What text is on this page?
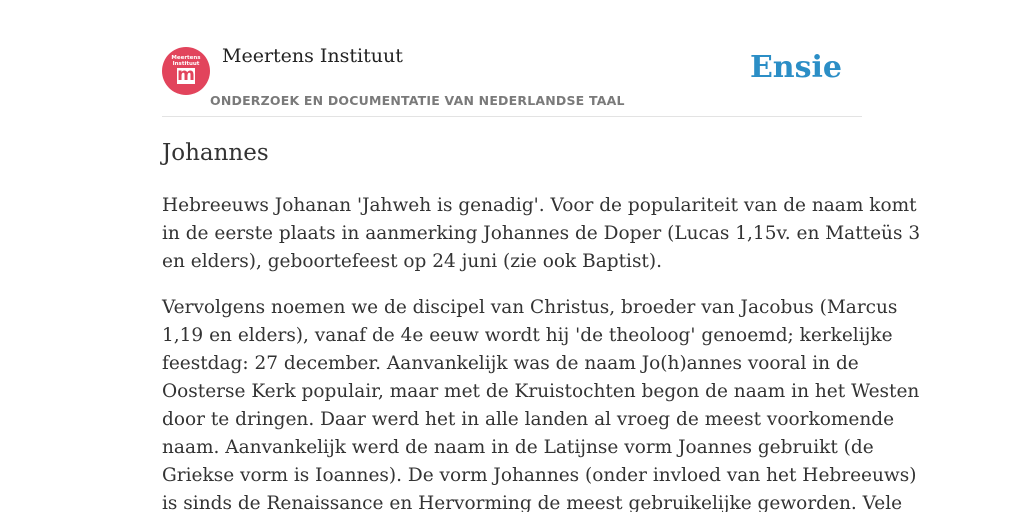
Meertens
Instituut
m
Meertens Instituut
ONDERZOEK EN DOCUMENTATIE VAN NEDERLANDSE TAAL
Ensie
Johannes

Hebreeuws Johanan 'Jahweh is genadig'. Voor de populariteit van de naam komt
in de eerste plaats in aanmerking Johannes de Doper (Lucas 1,15v. en Matteüs 3
en elders), geboortefeest op 24 juni (zie ook Baptist).

Vervolgens noemen we de discipel van Christus, broeder van Jacobus (Marcus
1,19 en elders), vanaf de 4e eeuw wordt hij 'de theoloog' genoemd; kerkelijke
feestdag: 27 december. Aanvankelijk was de naam Jo(h)annes vooral in de
Oosterse Kerk populair, maar met de Kruistochten begon de naam in het Westen
door te dringen. Daar werd het in alle landen al vroeg de meest voorkomende
naam. Aanvankelijk werd de naam in de Latijnse vorm Joannes gebruikt (de
Griekse vorm is Ioannes). De vorm Johannes (onder invloed van het Hebreeuws)
is sinds de Renaissance en Hervorming de meest gebruikelijke geworden. Vele
